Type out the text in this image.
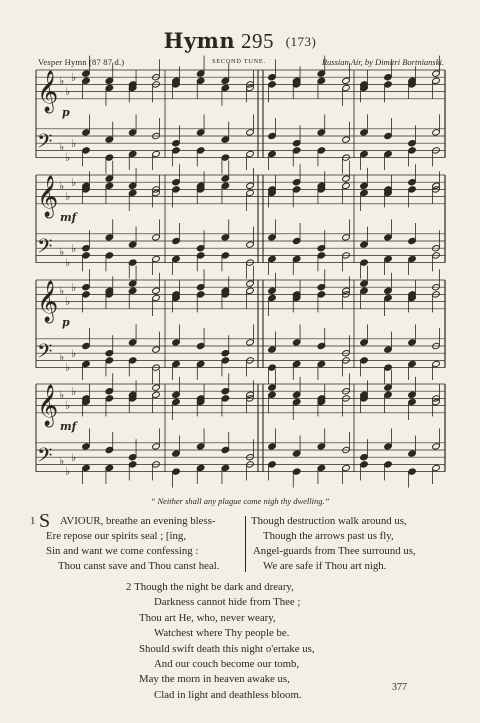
Hymn 295 (173)
Vesper Hymn (87 87 d.)	SECOND TUNE.	Russian Air, by Dimitri Bortnianski.
𝄞 ♭
♭
♭
𝄢 ♭
♭
♭
p
𝄞 ♭
♭
♭
𝄢 ♭
♭
♭
mf
𝄞 ♭
♭
♭
𝄢 ♭
♭
♭
p
𝄞 ♭
♭
♭
𝄢 ♭
♭
♭
mf
“ Neither shall any plague come nigh thy dwelling.”
1 S AVIOUR, breathe an evening bless-
Ere repose our spirits seal ; [ing,
Sin and want we come confessing :
Thou canst save and Thou canst heal.
Though destruction walk around us,
Though the arrows past us fly,
Angel-guards from Thee surround us,
We are safe if Thou art nigh.
2 Though the night be dark and dreary,
Darkness cannot hide from Thee ;
Thou art He, who, never weary,
Watchest where Thy people be.
Should swift death this night o'ertake us,
And our couch become our tomb,
May the morn in heaven awake us,
Clad in light and deathless bloom.
377
